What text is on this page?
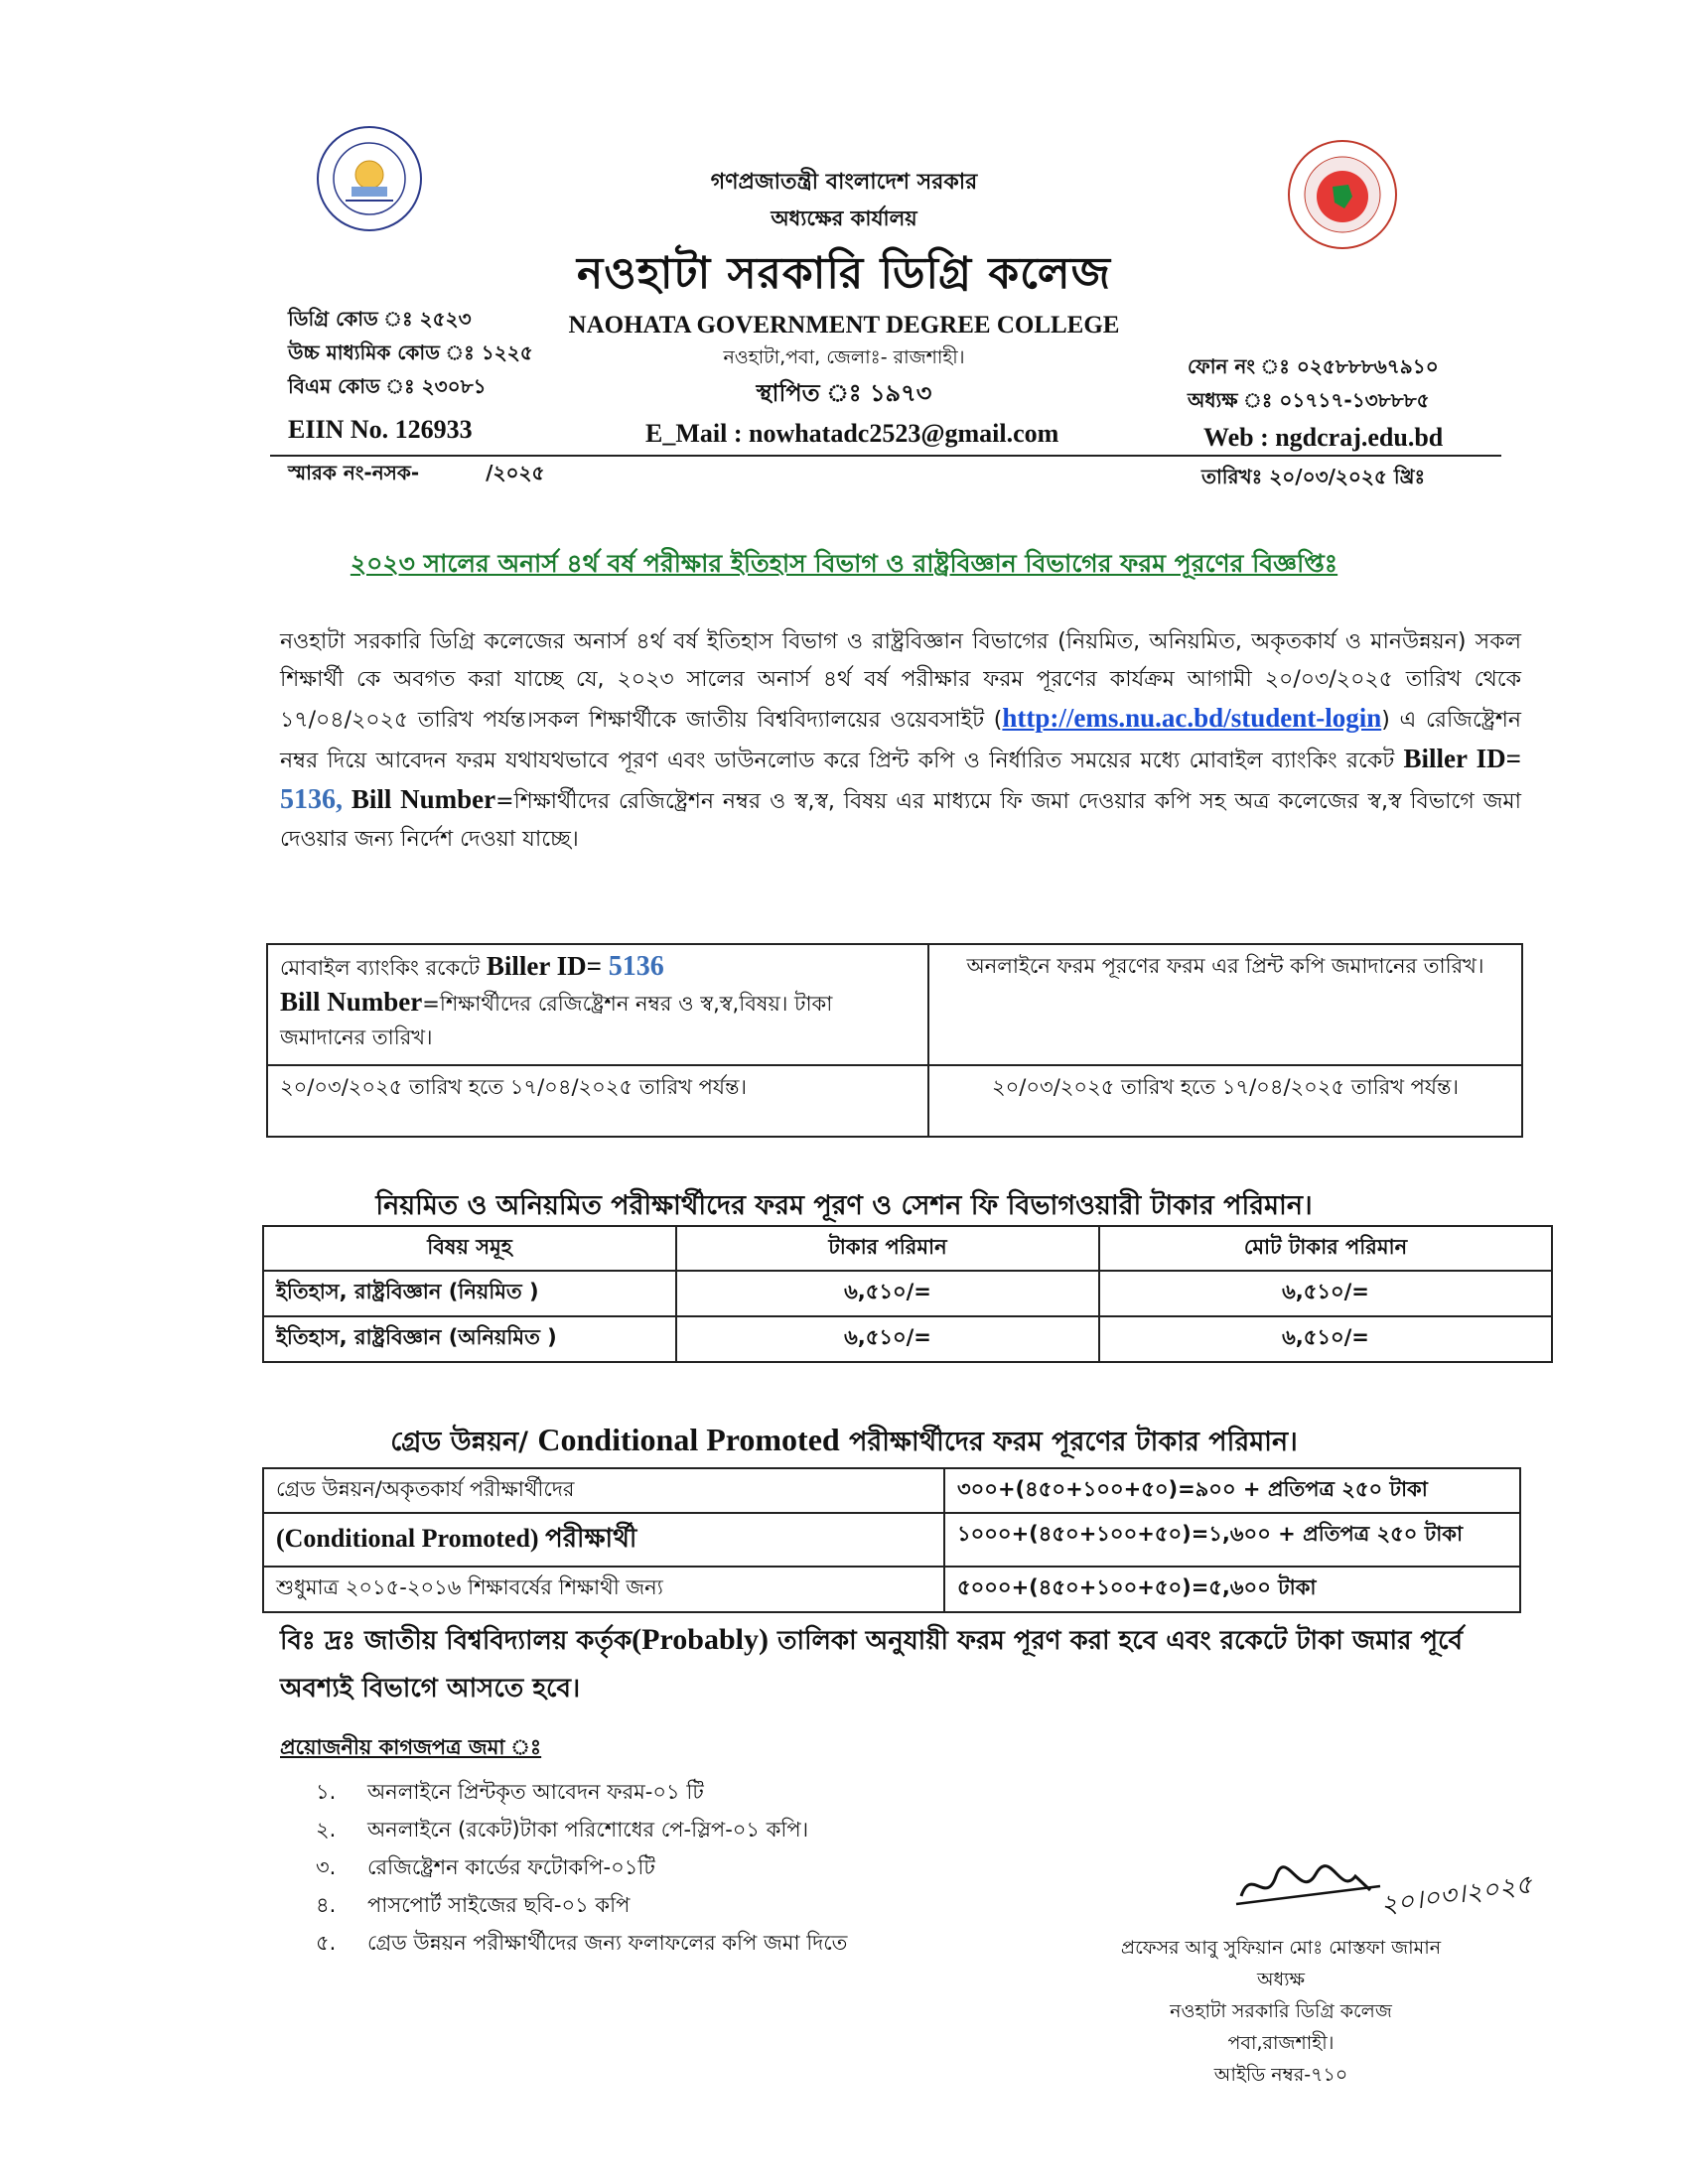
গণপ্রজাতন্ত্রী বাংলাদেশ সরকার
অধ্যক্ষের কার্যালয়
নওহাটা সরকারি ডিগ্রি কলেজ
NAOHATA GOVERNMENT DEGREE COLLEGE
নওহাটা,পবা, জেলাঃ- রাজশাহী।
স্থাপিত ঃ ১৯৭৩
ডিগ্রি কোড ঃ ২৫২৩
উচ্চ মাধ্যমিক কোড ঃ ১২২৫
বিএম কোড ঃ ২৩০৮১
EIIN No. 126933	E_Mail : nowhatadc2523@gmail.com
ফোন নং ঃ ০২৫৮৮৮৬৭৯১০
অধ্যক্ষ ঃ ০১৭১৭-১৩৮৮৮৫
Web : ngdcraj.edu.bd
স্মারক নং-নসক-	/২০২৫	তারিখঃ ২০/০৩/২০২৫ খ্রিঃ
২০২৩ সালের অনার্স ৪র্থ বর্ষ পরীক্ষার ইতিহাস বিভাগ ও রাষ্ট্রবিজ্ঞান বিভাগের ফরম পূরণের বিজ্ঞপ্তিঃ
নওহাটা সরকারি ডিগ্রি কলেজের অনার্স ৪র্থ বর্ষ ইতিহাস বিভাগ ও রাষ্ট্রবিজ্ঞান বিভাগের (নিয়মিত, অনিয়মিত, অকৃতকার্য ও মানউন্নয়ন) সকল শিক্ষার্থী কে অবগত করা যাচ্ছে যে, ২০২৩ সালের অনার্স ৪র্থ বর্ষ পরীক্ষার ফরম পূরণের কার্যক্রম আগামী ২০/০৩/২০২৫ তারিখ থেকে ১৭/০৪/২০২৫ তারিখ পর্যন্ত।সকল শিক্ষার্থীকে জাতীয় বিশ্ববিদ্যালয়ের ওয়েবসাইট (http://ems.nu.ac.bd/student-login) এ রেজিষ্ট্রেশন নম্বর দিয়ে আবেদন ফরম যথাযথভাবে পূরণ এবং ডাউনলোড করে প্রিন্ট কপি ও নির্ধারিত সময়ের মধ্যে মোবাইল ব্যাংকিং রকেট Biller ID= 5136, Bill Number=শিক্ষার্থীদের রেজিষ্ট্রেশন নম্বর ও স্ব,স্ব, বিষয় এর মাধ্যমে ফি জমা দেওয়ার কপি সহ অত্র কলেজের স্ব,স্ব বিভাগে জমা দেওয়ার জন্য নির্দেশ দেওয়া যাচ্ছে।
মোবাইল ব্যাংকিং রকেটে Biller ID= 5136
Bill Number=শিক্ষার্থীদের রেজিষ্ট্রেশন নম্বর ও স্ব,স্ব,বিষয়। টাকা জমাদানের তারিখ।	অনলাইনে ফরম পূরণের ফরম এর প্রিন্ট কপি জমাদানের তারিখ।
২০/০৩/২০২৫ তারিখ হতে ১৭/০৪/২০২৫ তারিখ পর্যন্ত।	২০/০৩/২০২৫ তারিখ হতে ১৭/০৪/২০২৫ তারিখ পর্যন্ত।
নিয়মিত ও অনিয়মিত পরীক্ষার্থীদের ফরম পূরণ ও সেশন ফি বিভাগওয়ারী টাকার পরিমান।
বিষয় সমূহ	টাকার পরিমান	মোট টাকার পরিমান
ইতিহাস, রাষ্ট্রবিজ্ঞান (নিয়মিত )	৬,৫১০/=	৬,৫১০/=
ইতিহাস, রাষ্ট্রবিজ্ঞান (অনিয়মিত )	৬,৫১০/=	৬,৫১০/=
গ্রেড উন্নয়ন/ Conditional Promoted পরীক্ষার্থীদের ফরম পূরণের টাকার পরিমান।
গ্রেড উন্নয়ন/অকৃতকার্য পরীক্ষার্থীদের	৩০০+(৪৫০+১০০+৫০)=৯০০ + প্রতিপত্র ২৫০ টাকা
(Conditional Promoted) পরীক্ষার্থী	১০০০+(৪৫০+১০০+৫০)=১,৬০০ + প্রতিপত্র ২৫০ টাকা
শুধুমাত্র ২০১৫-২০১৬ শিক্ষাবর্ষের শিক্ষাথী জন্য	৫০০০+(৪৫০+১০০+৫০)=৫,৬০০ টাকা
বিঃ দ্রঃ জাতীয় বিশ্ববিদ্যালয় কর্তৃক(Probably) তালিকা অনুযায়ী ফরম পূরণ করা হবে এবং রকেটে টাকা জমার পূর্বে অবশ্যই বিভাগে আসতে হবে।
প্রয়োজনীয় কাগজপত্র জমা ঃ
১. অনলাইনে প্রিন্টকৃত আবেদন ফরম-০১ টি
২. অনলাইনে (রকেট)টাকা পরিশোধের পে-স্লিপ-০১ কপি।
৩. রেজিষ্ট্রেশন কার্ডের ফটোকপি-০১টি
৪. পাসপোর্ট সাইজের ছবি-০১ কপি
৫. গ্রেড উন্নয়ন পরীক্ষার্থীদের জন্য ফলাফলের কপি জমা দিতে
২০।০৩।২০২৫
প্রফেসর আবু সুফিয়ান মোঃ মোস্তফা জামান
অধ্যক্ষ
নওহাটা সরকারি ডিগ্রি কলেজ
পবা,রাজশাহী।
আইডি নম্বর-৭১০
